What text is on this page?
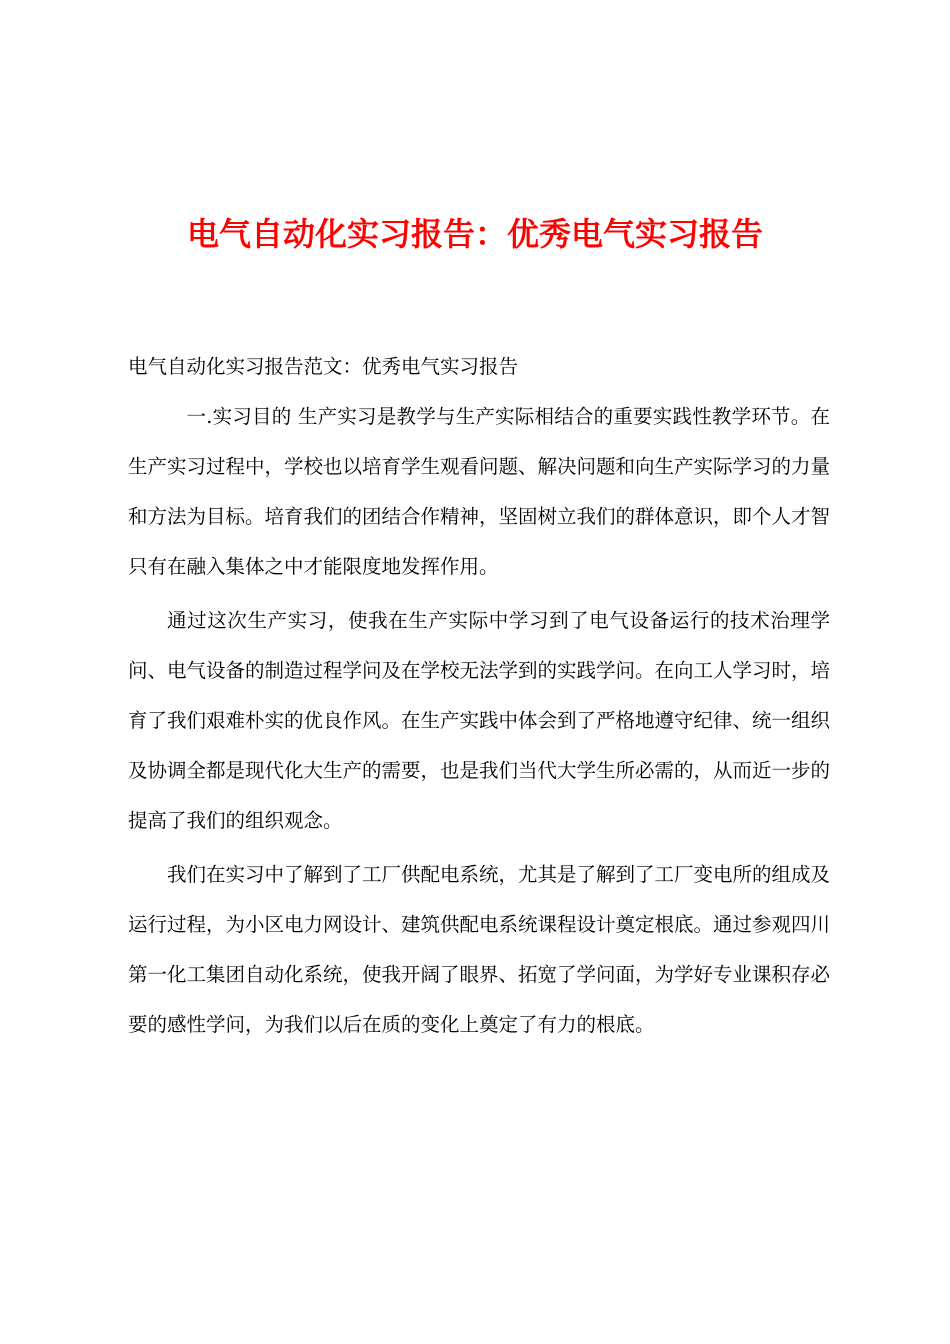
电气自动化实习报告：优秀电气实习报告

电气自动化实习报告范文：优秀电气实习报告

一.实习目的 生产实习是教学与生产实际相结合的重要实践性教学环节。在生产实习过程中，学校也以培育学生观看问题、解决问题和向生产实际学习的力量和方法为目标。培育我们的团结合作精神，坚固树立我们的群体意识，即个人才智只有在融入集体之中才能限度地发挥作用。

通过这次生产实习，使我在生产实际中学习到了电气设备运行的技术治理学问、电气设备的制造过程学问及在学校无法学到的实践学问。在向工人学习时，培育了我们艰难朴实的优良作风。在生产实践中体会到了严格地遵守纪律、统一组织及协调全都是现代化大生产的需要，也是我们当代大学生所必需的，从而近一步的提高了我们的组织观念。

我们在实习中了解到了工厂供配电系统，尤其是了解到了工厂变电所的组成及运行过程，为小区电力网设计、建筑供配电系统课程设计奠定根底。通过参观四川第一化工集团自动化系统，使我开阔了眼界、拓宽了学问面，为学好专业课积存必要的感性学问，为我们以后在质的变化上奠定了有力的根底。
